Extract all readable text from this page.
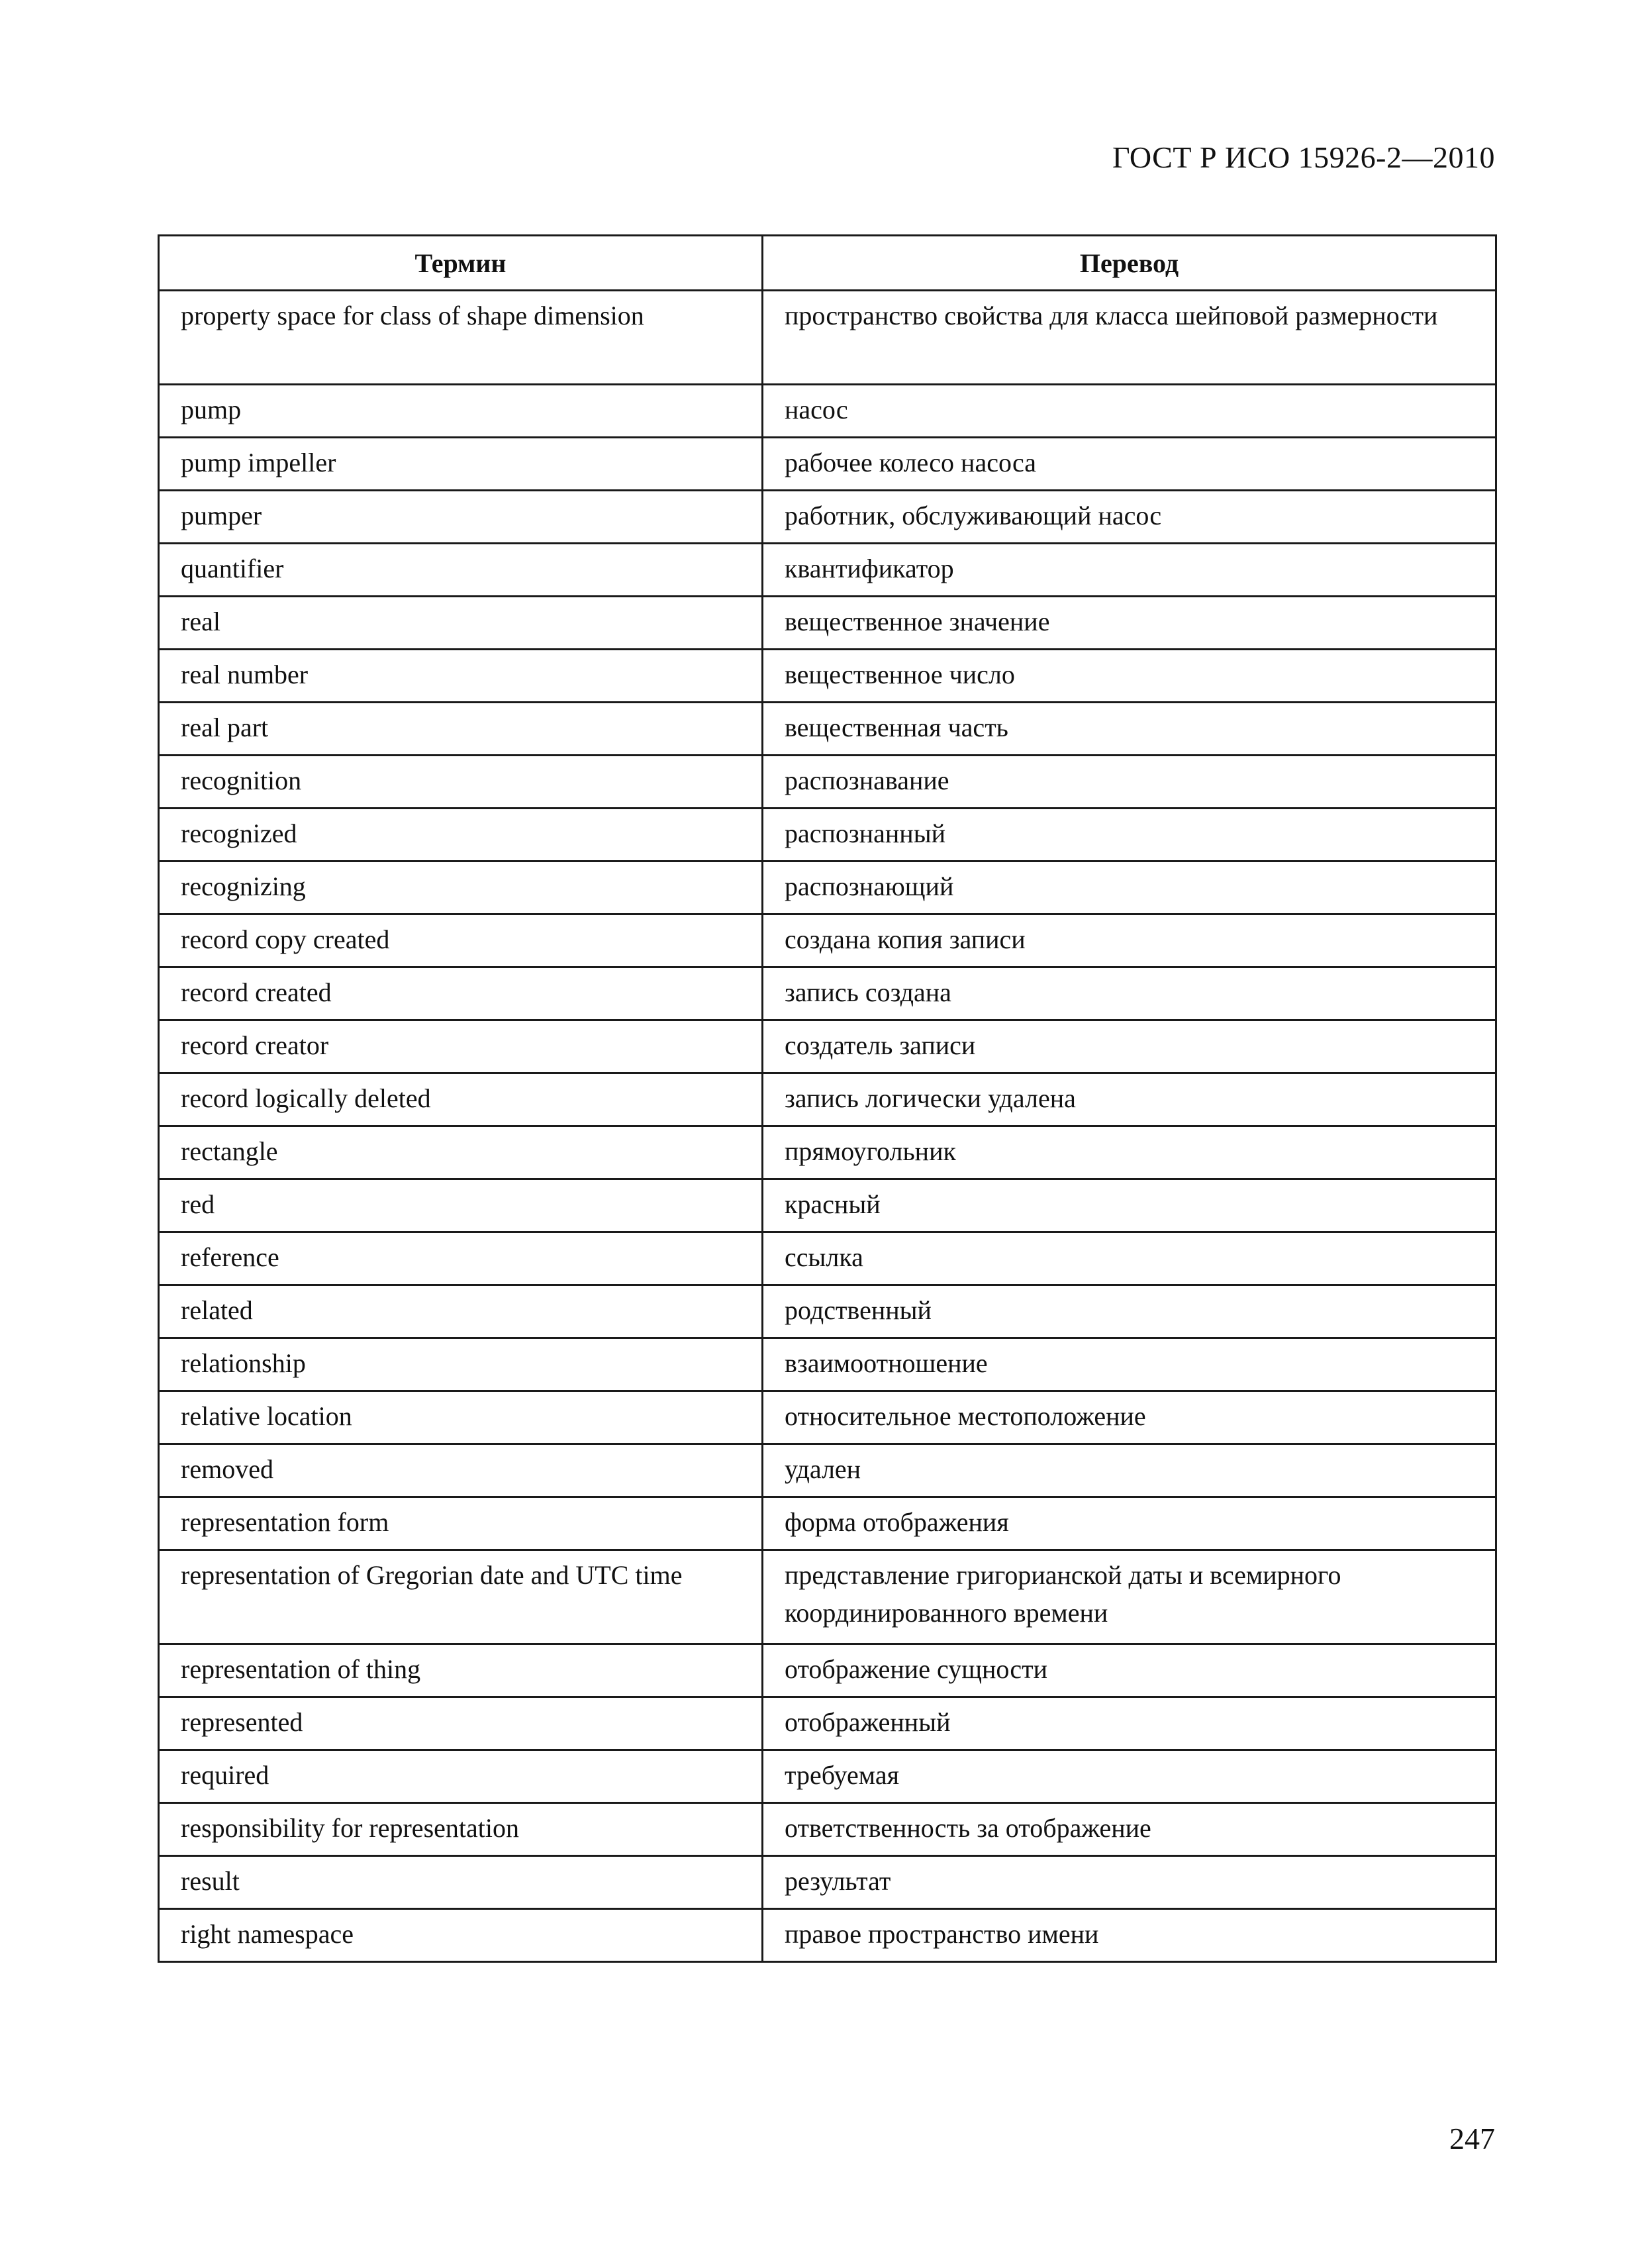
ГОСТ Р ИСО 15926-2—2010
Термин	Перевод
property space for class of shape dimension	пространство свойства для класса шейповой размерности
pump	насос
pump impeller	рабочее колесо насоса
pumper	работник, обслуживающий насос
quantifier	квантификатор
real	вещественное значение
real number	вещественное число
real part	вещественная часть
recognition	распознавание
recognized	распознанный
recognizing	распознающий
record copy created	создана копия записи
record created	запись создана
record creator	создатель записи
record logically deleted	запись логически удалена
rectangle	прямоугольник
red	красный
reference	ссылка
related	родственный
relationship	взаимоотношение
relative location	относительное местоположение
removed	удален
representation form	форма отображения
representation of Gregorian date and UTC time	представление григорианской даты и всемирного координированного времени
representation of thing	отображение сущности
represented	отображенный
required	требуемая
responsibility for representation	ответственность за отображение
result	результат
right namespace	правое пространство имени
247
